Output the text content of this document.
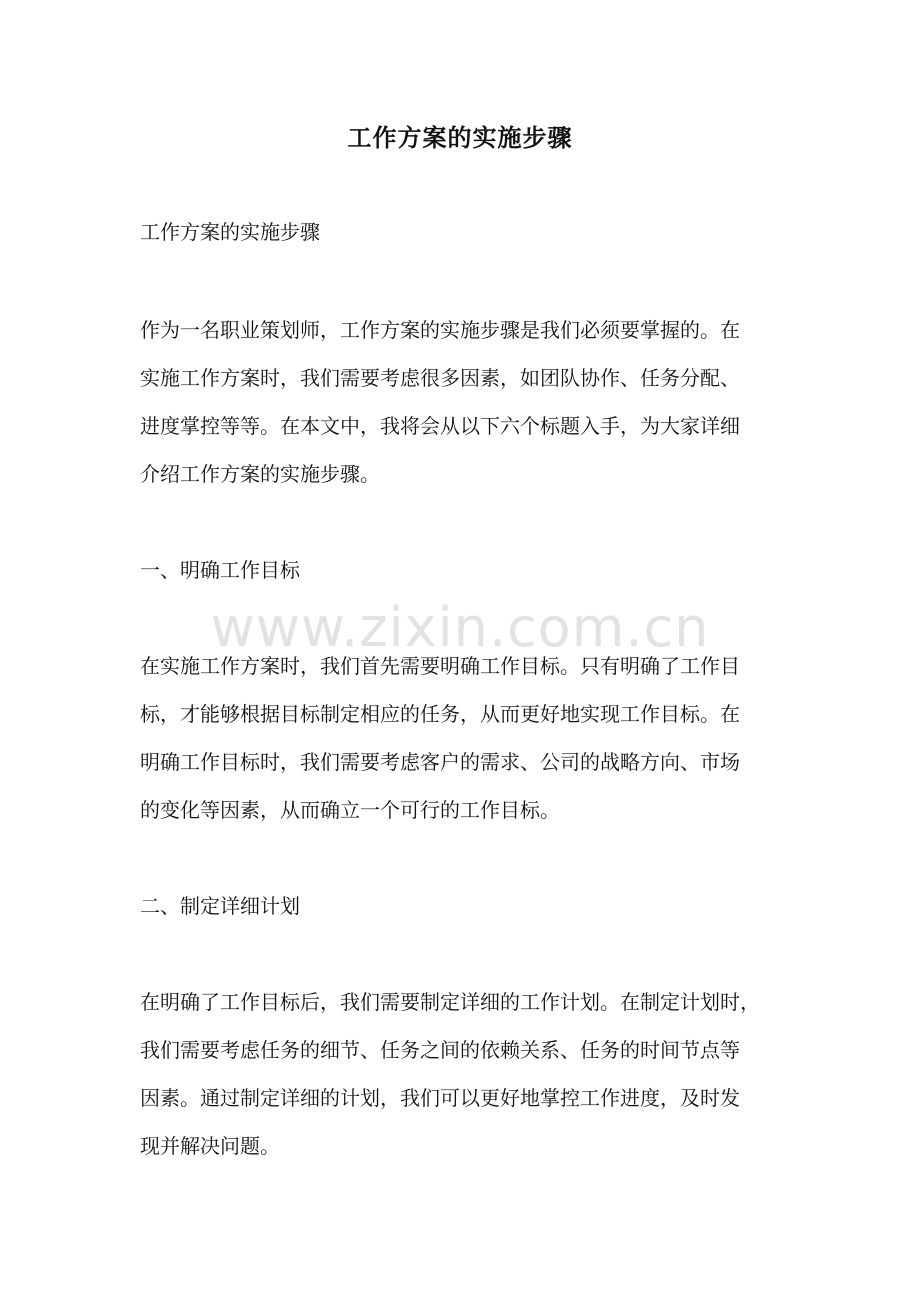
工作方案的实施步骤
工作方案的实施步骤
作为一名职业策划师，工作方案的实施步骤是我们必须要掌握的。在
实施工作方案时，我们需要考虑很多因素，如团队协作、任务分配、
进度掌控等等。在本文中，我将会从以下六个标题入手，为大家详细
介绍工作方案的实施步骤。
一、明确工作目标
在实施工作方案时，我们首先需要明确工作目标。只有明确了工作目
标，才能够根据目标制定相应的任务，从而更好地实现工作目标。在
明确工作目标时，我们需要考虑客户的需求、公司的战略方向、市场
的变化等因素，从而确立一个可行的工作目标。
二、制定详细计划
在明确了工作目标后，我们需要制定详细的工作计划。在制定计划时，
我们需要考虑任务的细节、任务之间的依赖关系、任务的时间节点等
因素。通过制定详细的计划，我们可以更好地掌控工作进度，及时发
现并解决问题。
www.zixin.com.cn
